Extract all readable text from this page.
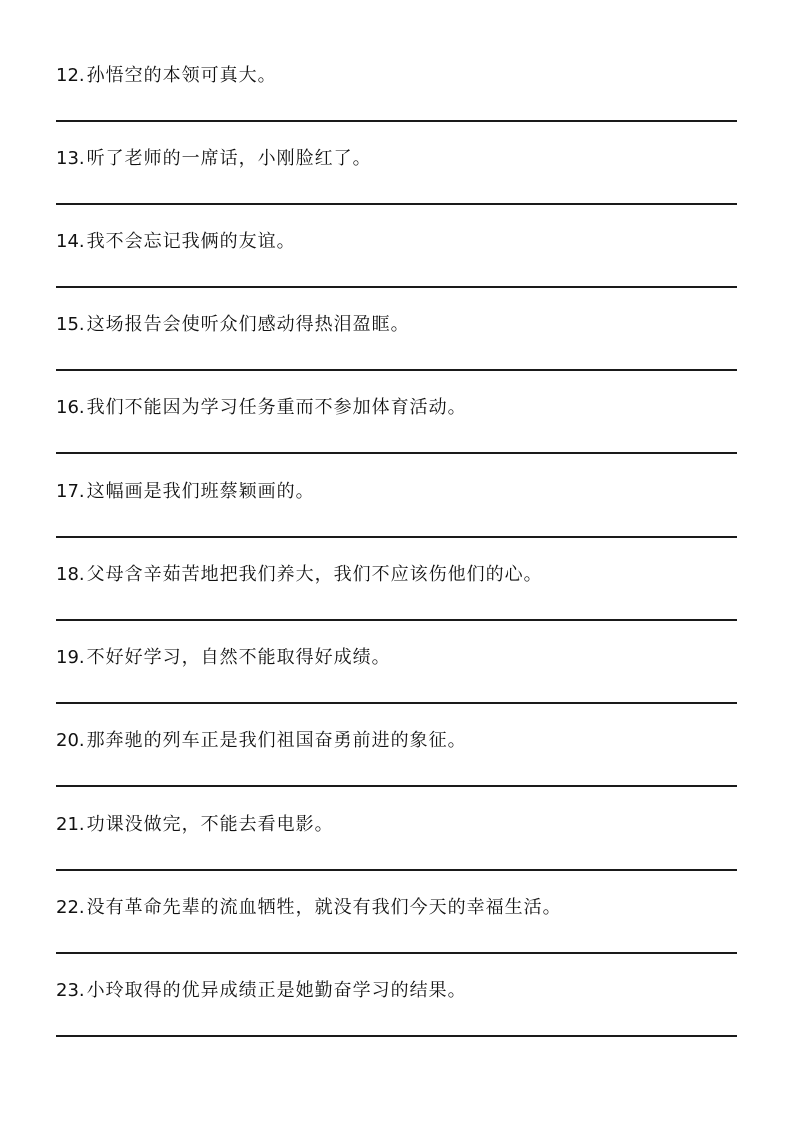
12. 孙悟空的本领可真大。
13. 听了老师的一席话，小刚脸红了。
14. 我不会忘记我俩的友谊。
15. 这场报告会使听众们感动得热泪盈眶。
16. 我们不能因为学习任务重而不参加体育活动。
17. 这幅画是我们班蔡颖画的。
18. 父母含辛茹苦地把我们养大，我们不应该伤他们的心。
19. 不好好学习，自然不能取得好成绩。
20. 那奔驰的列车正是我们祖国奋勇前进的象征。
21. 功课没做完，不能去看电影。
22. 没有革命先辈的流血牺牲，就没有我们今天的幸福生活。
23. 小玲取得的优异成绩正是她勤奋学习的结果。
